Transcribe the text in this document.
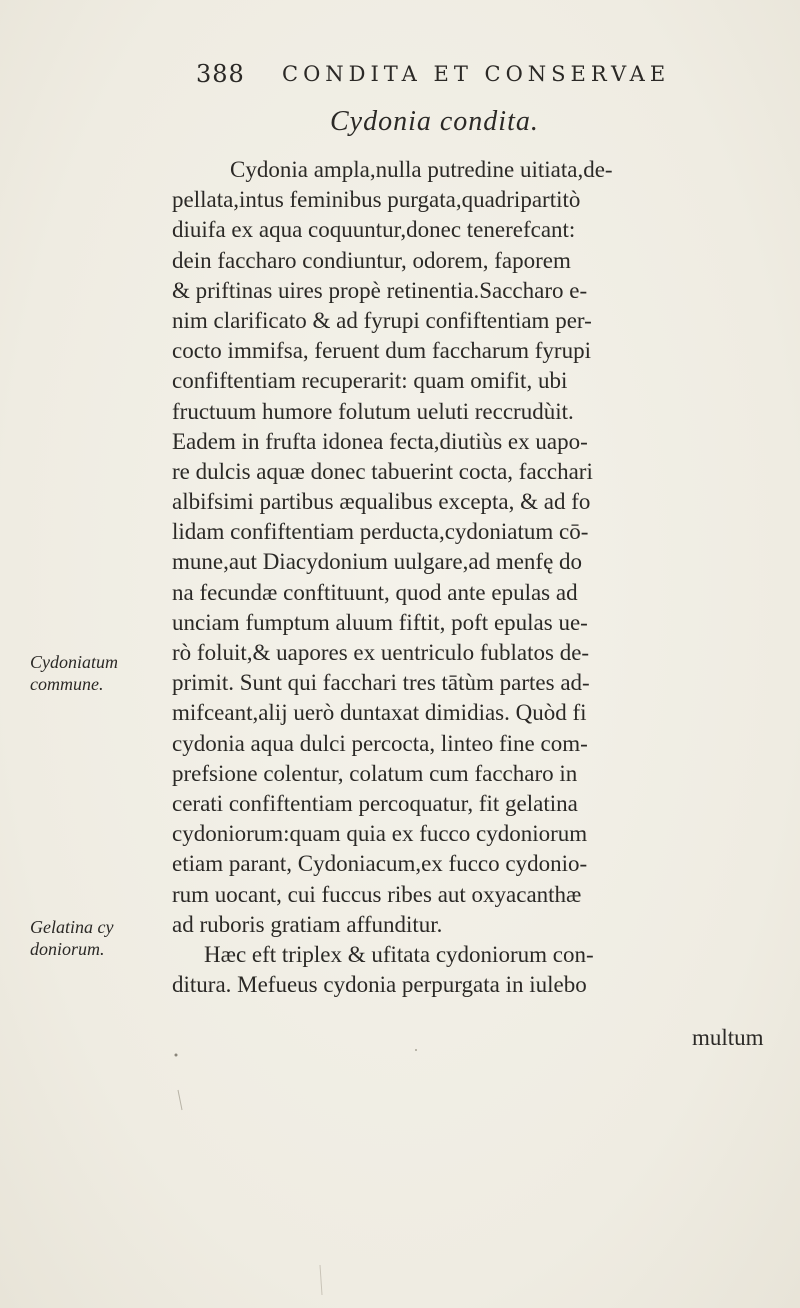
388 CONDITA ET CONSERVAE
Cydonia condita.
Cydonia ampla,nulla putredine uitiata,de-
pellata,intus feminibus purgata,quadripartitò
diuifa ex aqua coquuntur,donec tenerefcant:
dein faccharo condiuntur, odorem, faporem
& priftinas uires propè retinentia.Saccharo e-
nim clarificato & ad fyrupi confiftentiam per-
cocto immifsa, feruent dum faccharum fyrupi
confiftentiam recuperarit: quam omifit, ubi
fructuum humore folutum ueluti reccrudùit.
Eadem in frufta idonea fecta,diutiùs ex uapo-
re dulcis aquæ donec tabuerint cocta, facchari
albifsimi partibus æqualibus excepta, & ad fo
lidam confiftentiam perducta,cydoniatum cō-
mune,aut Diacydonium uulgare,ad menfę do
na fecundæ conftituunt, quod ante epulas ad
unciam fumptum aluum fiftit, poft epulas ue-
rò foluit,& uapores ex uentriculo fublatos de-
primit. Sunt qui facchari tres tātùm partes ad-
mifceant,alij uerò duntaxat dimidias. Quòd fi
cydonia aqua dulci percocta, linteo fine com-
prefsione colentur, colatum cum faccharo in
cerati confiftentiam percoquatur, fit gelatina
cydoniorum:quam quia ex fucco cydoniorum
etiam parant, Cydoniacum,ex fucco cydonio-
rum uocant, cui fuccus ribes aut oxyacanthæ
ad ruboris gratiam affunditur.
Hæc eft triplex & ufitata cydoniorum con-
ditura. Mefueus cydonia perpurgata in iulebo
multum
Cydoniatum
commune.
Gelatina cy
doniorum.
